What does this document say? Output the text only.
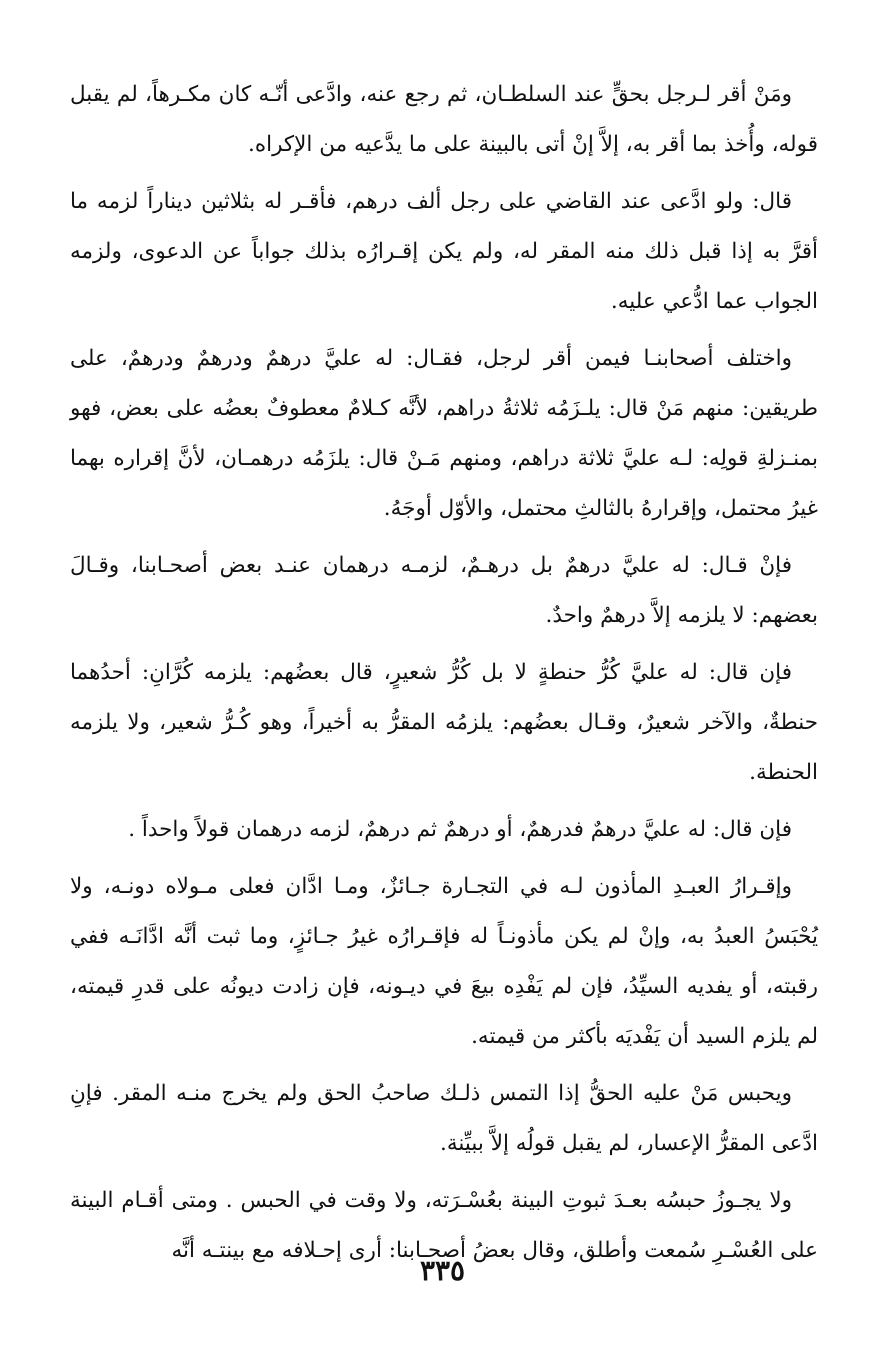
ومَنْ أقر لـرجل بحقٍّ عند السلطـان، ثم رجع عنه، وادَّعى أنّـه كان مكـرهاً، لم يقبل قوله، وأُخذ بما أقر به، إلاَّ إنْ أتى بالبينة على ما يدَّعيه من الإكراه.

قال: ولو ادَّعى عند القاضي على رجل ألف درهم، فأقـر له بثلاثين ديناراً لزمه ما أقرَّ به إذا قبل ذلك منه المقر له، ولم يكن إقـرارُه بذلك جواباً عن الدعوى، ولزمه الجواب عما ادُّعي عليه.

واختلف أصحابنـا فيمن أقر لرجل، فقـال: له عليَّ درهمٌ ودرهمٌ ودرهمٌ، على طريقين: منهم مَنْ قال: يلـزَمُه ثلاثةُ دراهم، لأنَّه كـلامٌ معطوفٌ بعضُه على بعض، فهو بمنـزلةِ قولِه: لـه عليَّ ثلاثة دراهم، ومنهم مَـنْ قال: يلزَمُه درهمـان، لأنَّ إقراره بهما غيرُ محتمل، وإقرارهُ بالثالثِ محتمل، والأوّل أوجَهُ.

فإنْ قـال: له عليَّ درهمٌ بل درهـمٌ، لزمـه درهمان عنـد بعض أصحـابنا، وقـالَ بعضهم: لا يلزمه إلاَّ درهمٌ واحدٌ.

فإن قال: له عليَّ كُرُّ حنطةٍ لا بل كُرُّ شعيرٍ، قال بعضُهم: يلزمه كُرَّانِ: أحدُهما حنطةٌ، والآخر شعيرٌ، وقـال بعضُهم: يلزمُه المقرُّ به أخيراً، وهو كُـرُّ شعير، ولا يلزمه الحنطة.

فإن قال: له عليَّ درهمٌ فدرهمٌ، أو درهمٌ ثم درهمٌ، لزمه درهمان قولاً واحداً .

وإقـرارُ العبـدِ المأذون لـه في التجـارة جـائزٌ، ومـا ادَّان فعلى مـولاه دونـه، ولا يُحْبَسُ العبدُ به، وإنْ لم يكن مأذونـاً له فإقـرارُه غيرُ جـائزٍ، وما ثبت أنَّه ادَّانَـه ففي رقبته، أو يفديه السيِّدُ، فإن لم يَفْدِه بيعَ في ديـونه، فإن زادت ديونُه على قدرِ قيمته، لم يلزم السيد أن يَفْديَه بأكثر من قيمته.

ويحبس مَنْ عليه الحقُّ إذا التمس ذلـك صاحبُ الحق ولم يخرج منـه المقر. فإنِ ادَّعى المقرُّ الإعسار، لم يقبل قولُه إلاَّ ببيِّنة.

ولا يجـوزُ حبسُه بعـدَ ثبوتِ البينة بعُسْـرَته، ولا وقت في الحبس . ومتى أقـام البينة على العُسْـرِ سُمعت وأطلق، وقال بعضُ أصحـابنا: أرى إحـلافه مع بينتـه أنَّه

٣٣٥
